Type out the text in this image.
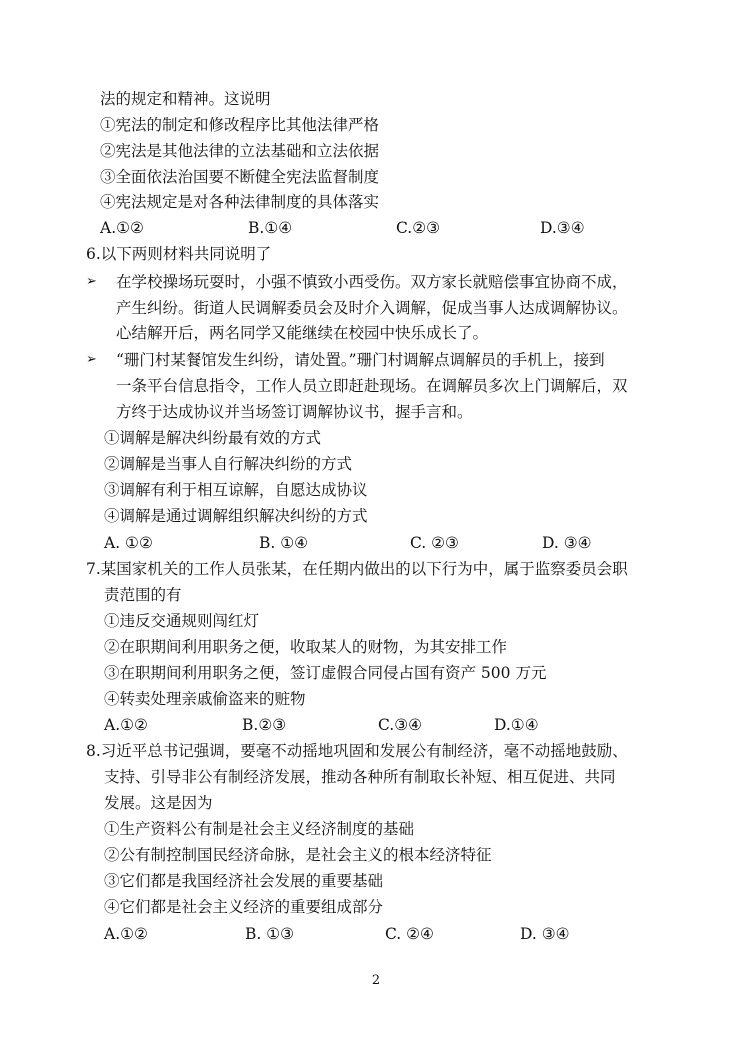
法的规定和精神。这说明
①宪法的制定和修改程序比其他法律严格
②宪法是其他法律的立法基础和立法依据
③全面依法治国要不断健全宪法监督制度
④宪法规定是对各种法律制度的具体落实
A.①②	B.①④	C.②③	D.③④
6.以下两则材料共同说明了
➢ 在学校操场玩耍时，小强不慎致小西受伤。双方家长就赔偿事宜协商不成，
产生纠纷。街道人民调解委员会及时介入调解，促成当事人达成调解协议。
心结解开后，两名同学又能继续在校园中快乐成长了。
➢ “珊门村某餐馆发生纠纷，请处置。”珊门村调解点调解员的手机上，接到
一条平台信息指令，工作人员立即赶赴现场。在调解员多次上门调解后，双
方终于达成协议并当场签订调解协议书，握手言和。
①调解是解决纠纷最有效的方式
②调解是当事人自行解决纠纷的方式
③调解有利于相互谅解，自愿达成协议
④调解是通过调解组织解决纠纷的方式
A. ①②	B. ①④	C. ②③	D. ③④
7.某国家机关的工作人员张某，在任期内做出的以下行为中，属于监察委员会职
责范围的有
①违反交通规则闯红灯
②在职期间利用职务之便，收取某人的财物，为其安排工作
③在职期间利用职务之便，签订虚假合同侵占国有资产 500 万元
④转卖处理亲戚偷盗来的赃物
A.①②	B.②③	C.③④	D.①④
8.习近平总书记强调，要毫不动摇地巩固和发展公有制经济，毫不动摇地鼓励、
支持、引导非公有制经济发展，推动各种所有制取长补短、相互促进、共同
发展。这是因为
①生产资料公有制是社会主义经济制度的基础
②公有制控制国民经济命脉，是社会主义的根本经济特征
③它们都是我国经济社会发展的重要基础
④它们都是社会主义经济的重要组成部分
A.①②	B. ①③	C. ②④	D. ③④
2
